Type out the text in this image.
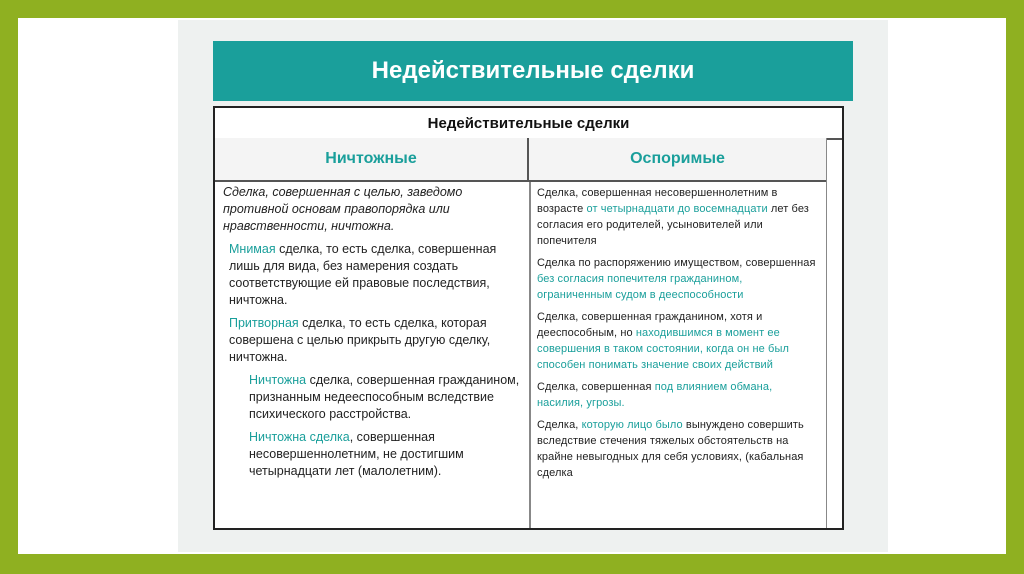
Недействительные сделки
Недействительные сделки
Ничтожные	Оспоримые

Сделка, совершенная с целью, заведомо противной основам правопорядка или нравственности, ничтожна.

Мнимая сделка, то есть сделка, совершенная лишь для вида, без намерения создать соответствующие ей правовые последствия, ничтожна.

Притворная сделка, то есть сделка, которая совершена с целью прикрыть другую сделку, ничтожна.

Ничтожна сделка, совершенная гражданином, признанным недееспособным вследствие психического расстройства.

Ничтожна сделка, совершенная несовершеннолетним, не достигшим четырнадцати лет (малолетним).

Сделка, совершенная несовершеннолетним в возрасте от четырнадцати до восемнадцати лет без согласия его родителей, усыновителей или попечителя

Сделка по распоряжению имуществом, совершенная без согласия попечителя гражданином, ограниченным судом в дееспособности

Сделка, совершенная гражданином, хотя и дееспособным, но находившимся в момент ее совершения в таком состоянии, когда он не был способен понимать значение своих действий

Сделка, совершенная под влиянием обмана, насилия, угрозы.

Сделка, которую лицо было вынуждено совершить вследствие стечения тяжелых обстоятельств на крайне невыгодных для себя условиях, (кабальная сделка
